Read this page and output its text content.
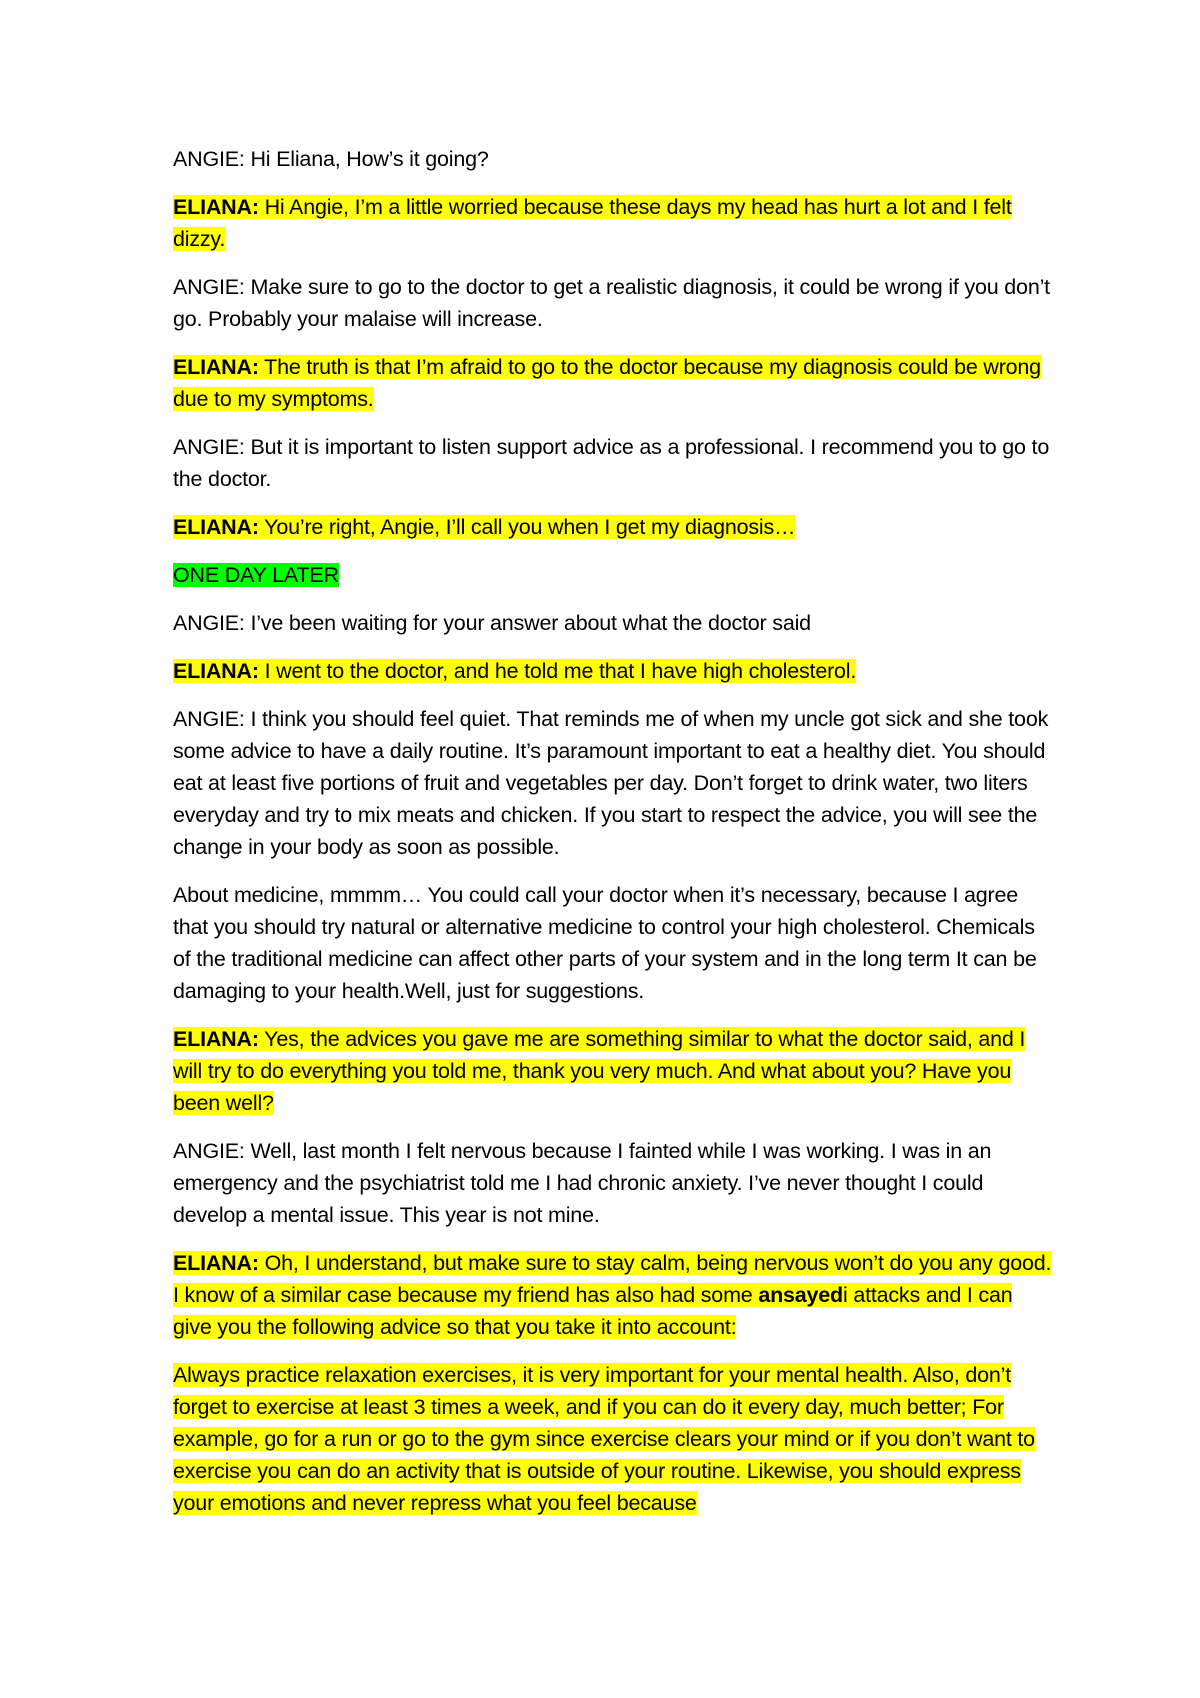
ANGIE: Hi Eliana, How’s it going?

ELIANA: Hi Angie, I’m a little worried because these days my head has hurt a lot and I felt dizzy.

ANGIE: Make sure to go to the doctor to get a realistic diagnosis, it could be wrong if you don’t go. Probably your malaise will increase.

ELIANA: The truth is that I’m afraid to go to the doctor because my diagnosis could be wrong due to my symptoms.

ANGIE: But it is important to listen support advice as a professional. I recommend you to go to the doctor.

ELIANA: You’re right, Angie, I’ll call you when I get my diagnosis…

ONE DAY LATER

ANGIE: I’ve been waiting for your answer about what the doctor said

ELIANA: I went to the doctor, and he told me that I have high cholesterol.

ANGIE: I think you should feel quiet. That reminds me of when my uncle got sick and she took some advice to have a daily routine. It’s paramount important to eat a healthy diet. You should eat at least five portions of fruit and vegetables per day. Don’t forget to drink water, two liters everyday and try to mix meats and chicken. If you start to respect the advice, you will see the change in your body as soon as possible.

About medicine, mmmm… You could call your doctor when it’s necessary, because I agree that you should try natural or alternative medicine to control your high cholesterol. Chemicals of the traditional medicine can affect other parts of your system and in the long term It can be damaging to your health.Well, just for suggestions.

ELIANA: Yes, the advices you gave me are something similar to what the doctor said, and I will try to do everything you told me, thank you very much. And what about you? Have you been well?

ANGIE: Well, last month I felt nervous because I fainted while I was working. I was in an emergency and the psychiatrist told me I had chronic anxiety. I’ve never thought I could develop a mental issue. This year is not mine.

ELIANA: Oh, I understand, but make sure to stay calm, being nervous won’t do you any good. I know of a similar case because my friend has also had some ansayedi attacks and I can give you the following advice so that you take it into account:

Always practice relaxation exercises, it is very important for your mental health. Also, don’t forget to exercise at least 3 times a week, and if you can do it every day, much better; For example, go for a run or go to the gym since exercise clears your mind or if you don’t want to exercise you can do an activity that is outside of your routine. Likewise, you should express your emotions and never repress what you feel because
